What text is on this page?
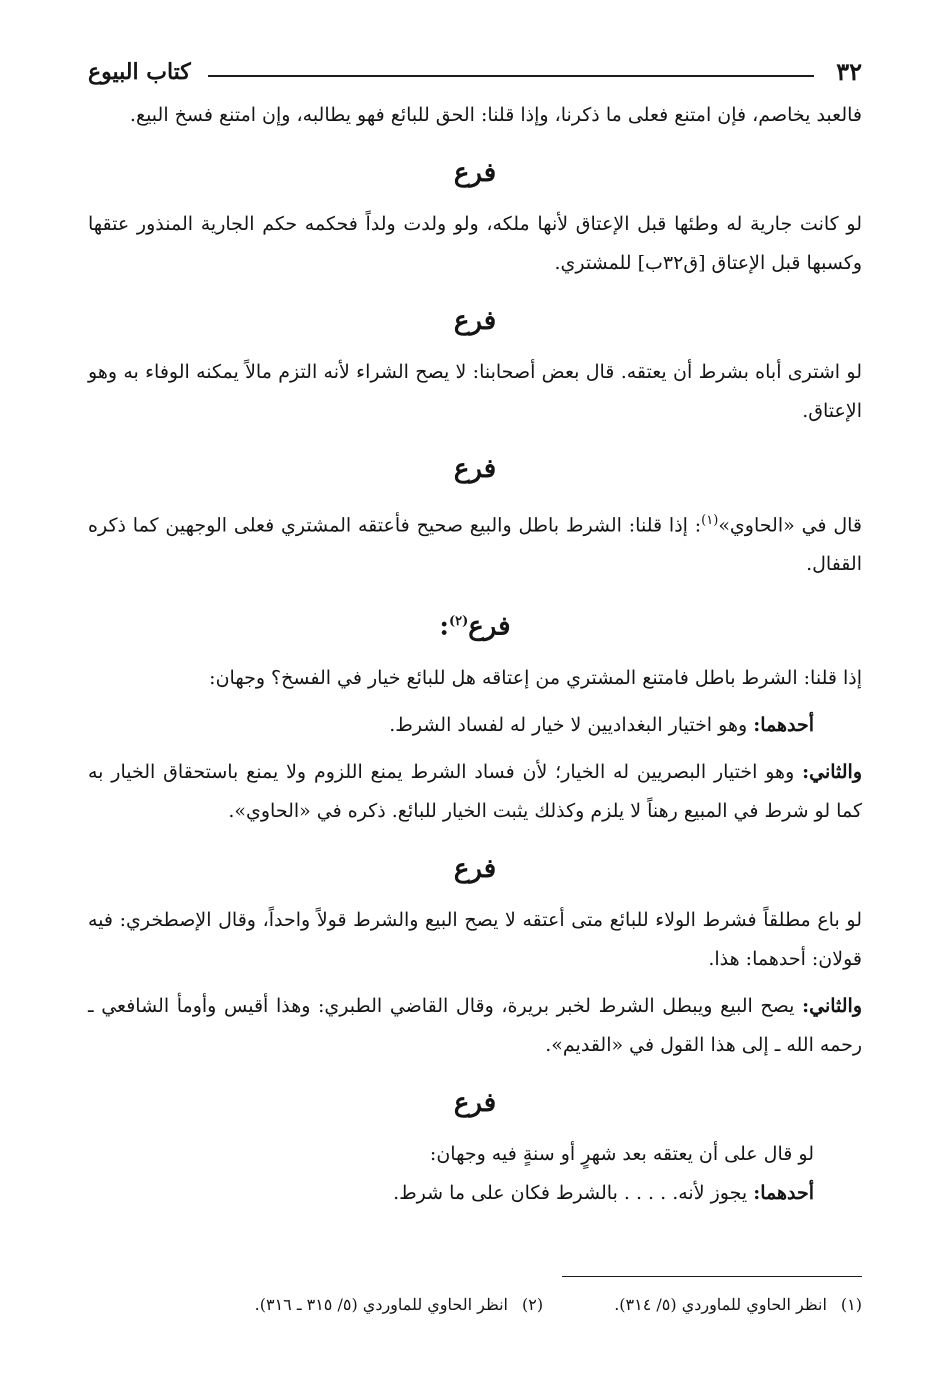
٣٢
كتاب البيوع

فالعبد يخاصم، فإن امتنع فعلى ما ذكرنا، وإذا قلنا: الحق للبائع فهو يطالبه، وإن امتنع فسخ البيع.

فرع

لو كانت جارية له وطئها قبل الإعتاق لأنها ملكه، ولو ولدت ولداً فحكمه حكم الجارية المنذور عتقها وكسبها قبل الإعتاق [ق٣٢ب] للمشتري.

فرع

لو اشترى أباه بشرط أن يعتقه. قال بعض أصحابنا: لا يصح الشراء لأنه التزم مالاً يمكنه الوفاء به وهو الإعتاق.

فرع

قال في «الحاوي»$^{(١)}$: إذا قلنا: الشرط باطل والبيع صحيح فأعتقه المشتري فعلى الوجهين كما ذكره القفال.

فرع$^{(٢)}$:

إذا قلنا: الشرط باطل فامتنع المشتري من إعتاقه هل للبائع خيار في الفسخ؟ وجهان:

أحدهما: وهو اختيار البغداديين لا خيار له لفساد الشرط.

والثاني: وهو اختيار البصريين له الخيار؛ لأن فساد الشرط يمنع اللزوم ولا يمنع باستحقاق الخيار به كما لو شرط في المبيع رهناً لا يلزم وكذلك يثبت الخيار للبائع. ذكره في «الحاوي».

فرع

لو باع مطلقاً فشرط الولاء للبائع متى أعتقه لا يصح البيع والشرط قولاً واحداً، وقال الإصطخري: فيه قولان: أحدهما: هذا.

والثاني: يصح البيع ويبطل الشرط لخبر بريرة، وقال القاضي الطبري: وهذا أقيس وأومأ الشافعي ـ رحمه الله ـ إلى هذا القول في «القديم».

فرع

لو قال على أن يعتقه بعد شهرٍ أو سنةٍ فيه وجهان:

أحدهما: يجوز لأنه. . . . . بالشرط فكان على ما شرط.

(١)انظر الحاوي للماوردي (٥/ ٣١٤). (٢)انظر الحاوي للماوردي (٥/ ٣١٥ ـ ٣١٦).
